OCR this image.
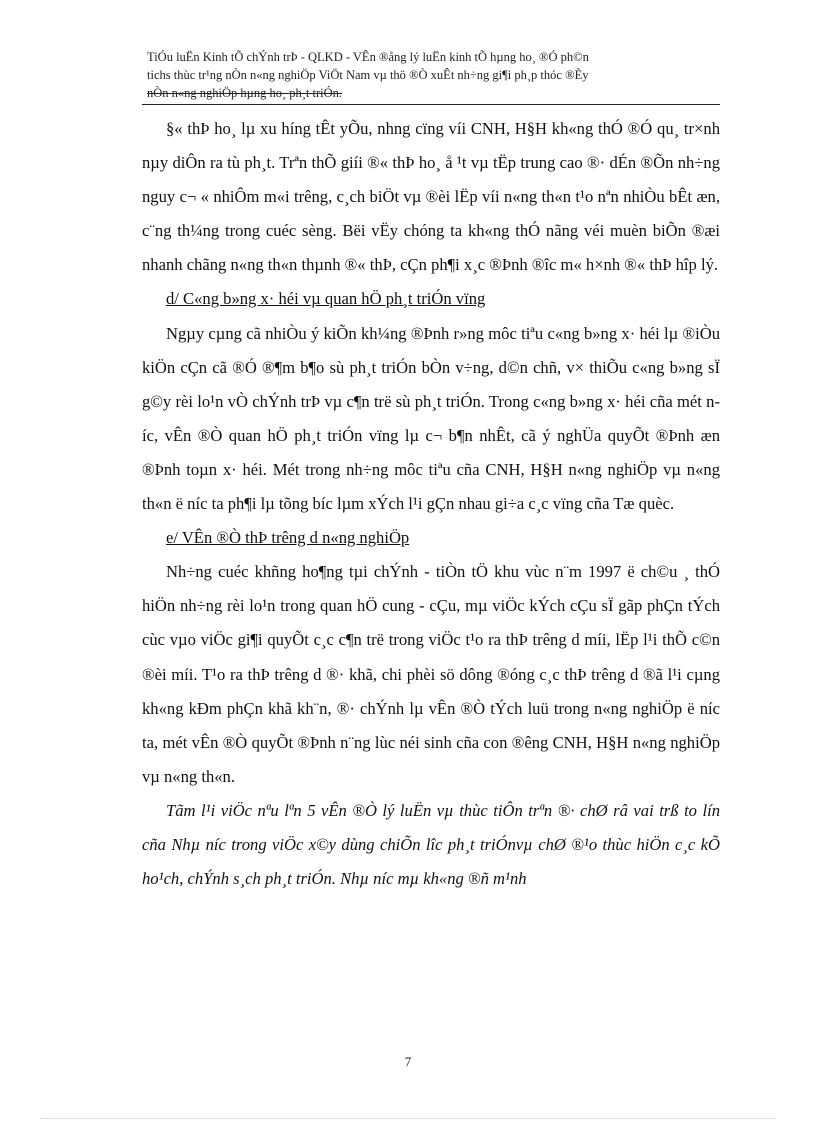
TiÓu luËn Kinh tÕ chÝnh trÞ - QLKD - VÊn ®ång lý luËn kinh tÕ hµng ho¸ ®Ó ph©n
tichs thùc tr¹ng nÒn n«ng nghiÖp ViÖt Nam vµ thö ®Ò xuÊt nh÷ng gi¶i ph¸p thóc ®Èy
nÒn n«ng nghiÖp hµng ho¸ ph¸t triÓn.

§« thÞ ho¸ lµ xu híng tÊt yÕu, nhng cïng víi CNH, H§H kh«ng thÓ ®Ó qu¸ tr×nh nµy diÔn ra tù ph¸t. Trªn thÕ giíi ®« thÞ ho¸ å ¹t vµ tËp trung cao ®· dÉn ®Õn nh÷ng nguy c¬ « nhiÔm m«i trêng, c¸ch biÖt vµ ®èi lËp víi n«ng th«n t¹o nªn nhiÒu bÊt æn, c¨ng th¼ng trong cuéc sèng. Bëi vËy chóng ta kh«ng thÓ nãng véi muèn biÕn ®æi nhanh chãng n«ng th«n thµnh ®« thÞ, cÇn ph¶i x¸c ®Þnh ®îc m« h×nh ®« thÞ hîp lý.

d/ C«ng b»ng x· héi vµ quan hÖ ph¸t triÓn vïng

Ngµy cµng cã nhiÒu ý kiÕn kh¼ng ®Þnh r»ng môc tiªu c«ng b»ng x· héi lµ ®iÒu kiÖn cÇn cã ®Ó ®¶m b¶o sù ph¸t triÓn bÒn v÷ng, d©n chñ, v× thiÕu c«ng b»ng sÏ g©y rèi lo¹n vÒ chÝnh trÞ vµ c¶n trë sù ph¸t triÓn. Trong c«ng b»ng x· héi cña mét níc, vÊn ®Ò quan hÖ ph¸t triÓn vïng lµ c¬ b¶n nhÊt, cã ý nghÜa quyÕt ®Þnh æn ®Þnh toµn x· héi. Mét trong nh÷ng môc tiªu cña CNH, H§H n«ng nghiÖp vµ n«ng th«n ë níc ta ph¶i lµ tõng bíc lµm xÝch l¹i gÇn nhau gi÷a c¸c vïng cña Tæ quèc.

e/ VÊn ®Ò thÞ trêng d n«ng nghiÖp

Nh÷ng cuéc khñng ho¶ng tµi chÝnh - tiÒn tÖ khu vùc n¨m 1997 ë ch©u ¸ thÓ hiÖn nh÷ng rèi lo¹n trong quan hÖ cung - cÇu, mµ viÖc kÝch cÇu sÏ gãp phÇn tÝch cùc vµo viÖc gi¶i quyÕt c¸c c¶n trë trong viÖc t¹o ra thÞ trêng d míi, lËp l¹i thÕ c©n ®èi míi. T¹o ra thÞ trêng d ®· khã, chi phèi sö dông ®óng c¸c thÞ trêng d ®ã l¹i cµng kh«ng kÐm phÇn khã kh¨n, ®· chÝnh lµ vÊn ®Ò tÝch luü trong n«ng nghiÖp ë níc ta, mét vÊn ®Ò quyÕt ®Þnh n¨ng lùc néi sinh cña con ®êng CNH, H§H n«ng nghiÖp vµ n«ng th«n.

Tãm l¹i viÖc nªu lªn 5 vÊn ®Ò lý luËn vµ thùc tiÔn trªn ®· chØ râ vai trß to lín cña Nhµ níc trong viÖc x©y dùng chiÕn lîc ph¸t triÓnvµ chØ ®¹o thùc hiÖn c¸c kÕ ho¹ch, chÝnh s¸ch ph¸t triÓn. Nhµ níc mµ kh«ng ®ñ m¹nh

7
